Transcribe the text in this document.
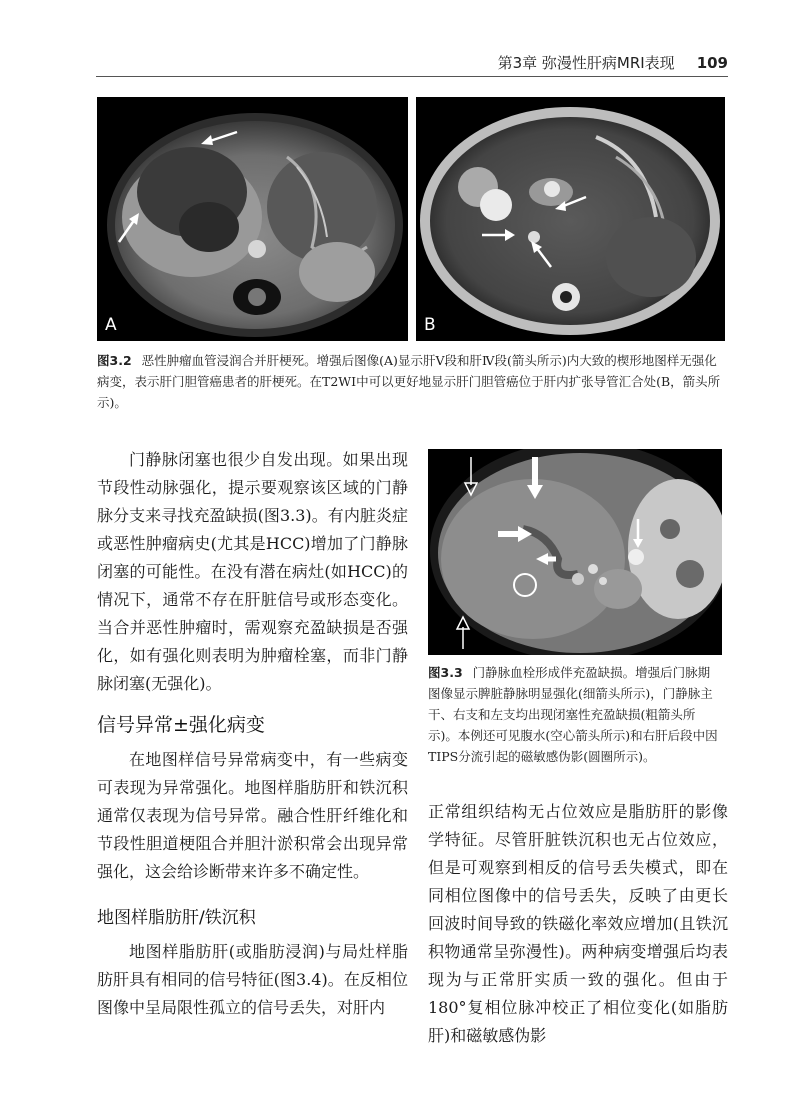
第3章 弥漫性肝病MRI表现 109
A	B
图3.2 恶性肿瘤血管浸润合并肝梗死。增强后图像(A)显示肝Ⅴ段和肝Ⅳ段(箭头所示)内大致的楔形地图样无强化病变，表示肝门胆管癌患者的肝梗死。在T2WI中可以更好地显示肝门胆管癌位于肝内扩张导管汇合处(B，箭头所示)。
图3.3 门静脉血栓形成伴充盈缺损。增强后门脉期图像显示脾脏静脉明显强化(细箭头所示)，门静脉主干、右支和左支均出现闭塞性充盈缺损(粗箭头所示)。本例还可见腹水(空心箭头所示)和右肝后段中因TIPS分流引起的磁敏感伪影(圆圈所示)。

门静脉闭塞也很少自发出现。如果出现节段性动脉强化，提示要观察该区域的门静脉分支来寻找充盈缺损(图3.3)。有内脏炎症或恶性肿瘤病史(尤其是HCC)增加了门静脉闭塞的可能性。在没有潜在病灶(如HCC)的情况下，通常不存在肝脏信号或形态变化。当合并恶性肿瘤时，需观察充盈缺损是否强化，如有强化则表明为肿瘤栓塞，而非门静脉闭塞(无强化)。

信号异常±强化病变

在地图样信号异常病变中，有一些病变可表现为异常强化。地图样脂肪肝和铁沉积通常仅表现为信号异常。融合性肝纤维化和节段性胆道梗阻合并胆汁淤积常会出现异常强化，这会给诊断带来许多不确定性。

地图样脂肪肝/铁沉积

地图样脂肪肝(或脂肪浸润)与局灶样脂肪肝具有相同的信号特征(图3.4)。在反相位图像中呈局限性孤立的信号丢失，对肝内

正常组织结构无占位效应是脂肪肝的影像学特征。尽管肝脏铁沉积也无占位效应，但是可观察到相反的信号丢失模式，即在同相位图像中的信号丢失，反映了由更长回波时间导致的铁磁化率效应增加(且铁沉积物通常呈弥漫性)。两种病变增强后均表现为与正常肝实质一致的强化。但由于180°复相位脉冲校正了相位变化(如脂肪肝)和磁敏感伪影
